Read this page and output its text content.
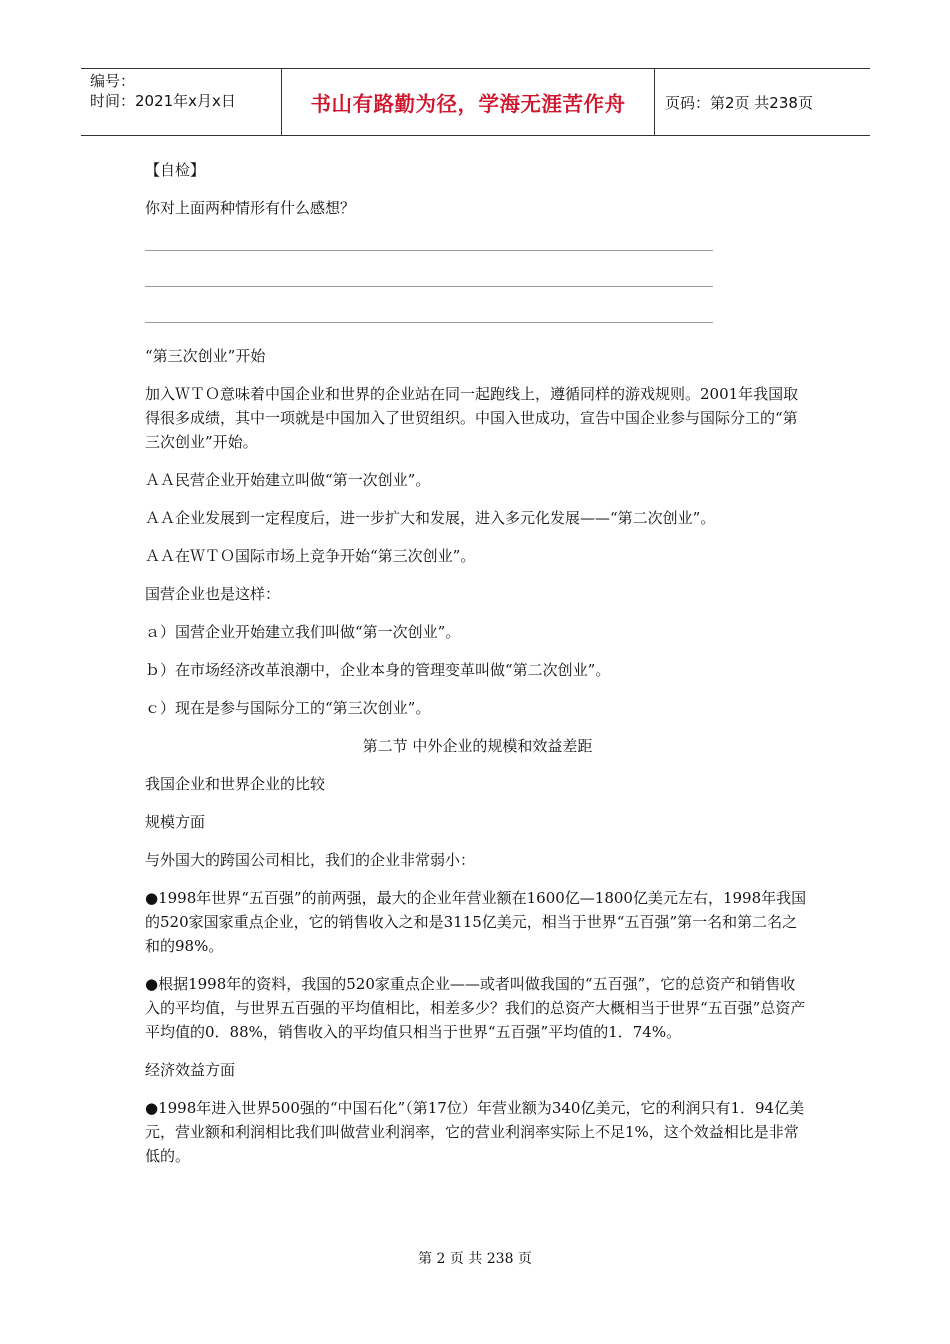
编号：
时间：2021年x月x日	书山有路勤为径，学海无涯苦作舟	页码：第2页 共238页

【自检】

你对上面两种情形有什么感想？

“第三次创业”开始

加入ＷＴＯ意味着中国企业和世界的企业站在同一起跑线上，遵循同样的游戏规则。2001年我国取得很多成绩，其中一项就是中国加入了世贸组织。中国入世成功，宣告中国企业参与国际分工的“第三次创业”开始。

ＡＡ民营企业开始建立叫做“第一次创业”。

ＡＡ企业发展到一定程度后，进一步扩大和发展，进入多元化发展——“第二次创业”。

ＡＡ在ＷＴＯ国际市场上竞争开始“第三次创业”。

国营企业也是这样：

ａ）国营企业开始建立我们叫做“第一次创业”。

ｂ）在市场经济改革浪潮中，企业本身的管理变革叫做“第二次创业”。

ｃ）现在是参与国际分工的“第三次创业”。

第二节 中外企业的规模和效益差距

我国企业和世界企业的比较

规模方面

与外国大的跨国公司相比，我们的企业非常弱小：

●1998年世界“五百强”的前两强，最大的企业年营业额在1600亿—1800亿美元左右，1998年我国的520家国家重点企业，它的销售收入之和是3115亿美元，相当于世界“五百强”第一名和第二名之和的98%。

●根据1998年的资料，我国的520家重点企业——或者叫做我国的“五百强”，它的总资产和销售收入的平均值，与世界五百强的平均值相比，相差多少？我们的总资产大概相当于世界“五百强”总资产平均值的0．88%，销售收入的平均值只相当于世界“五百强”平均值的1．74%。

经济效益方面

●1998年进入世界500强的“中国石化”（第17位）年营业额为340亿美元，它的利润只有1．94亿美元，营业额和利润相比我们叫做营业利润率，它的营业利润率实际上不足1%，这个效益相比是非常低的。

第 2 页 共 238 页
